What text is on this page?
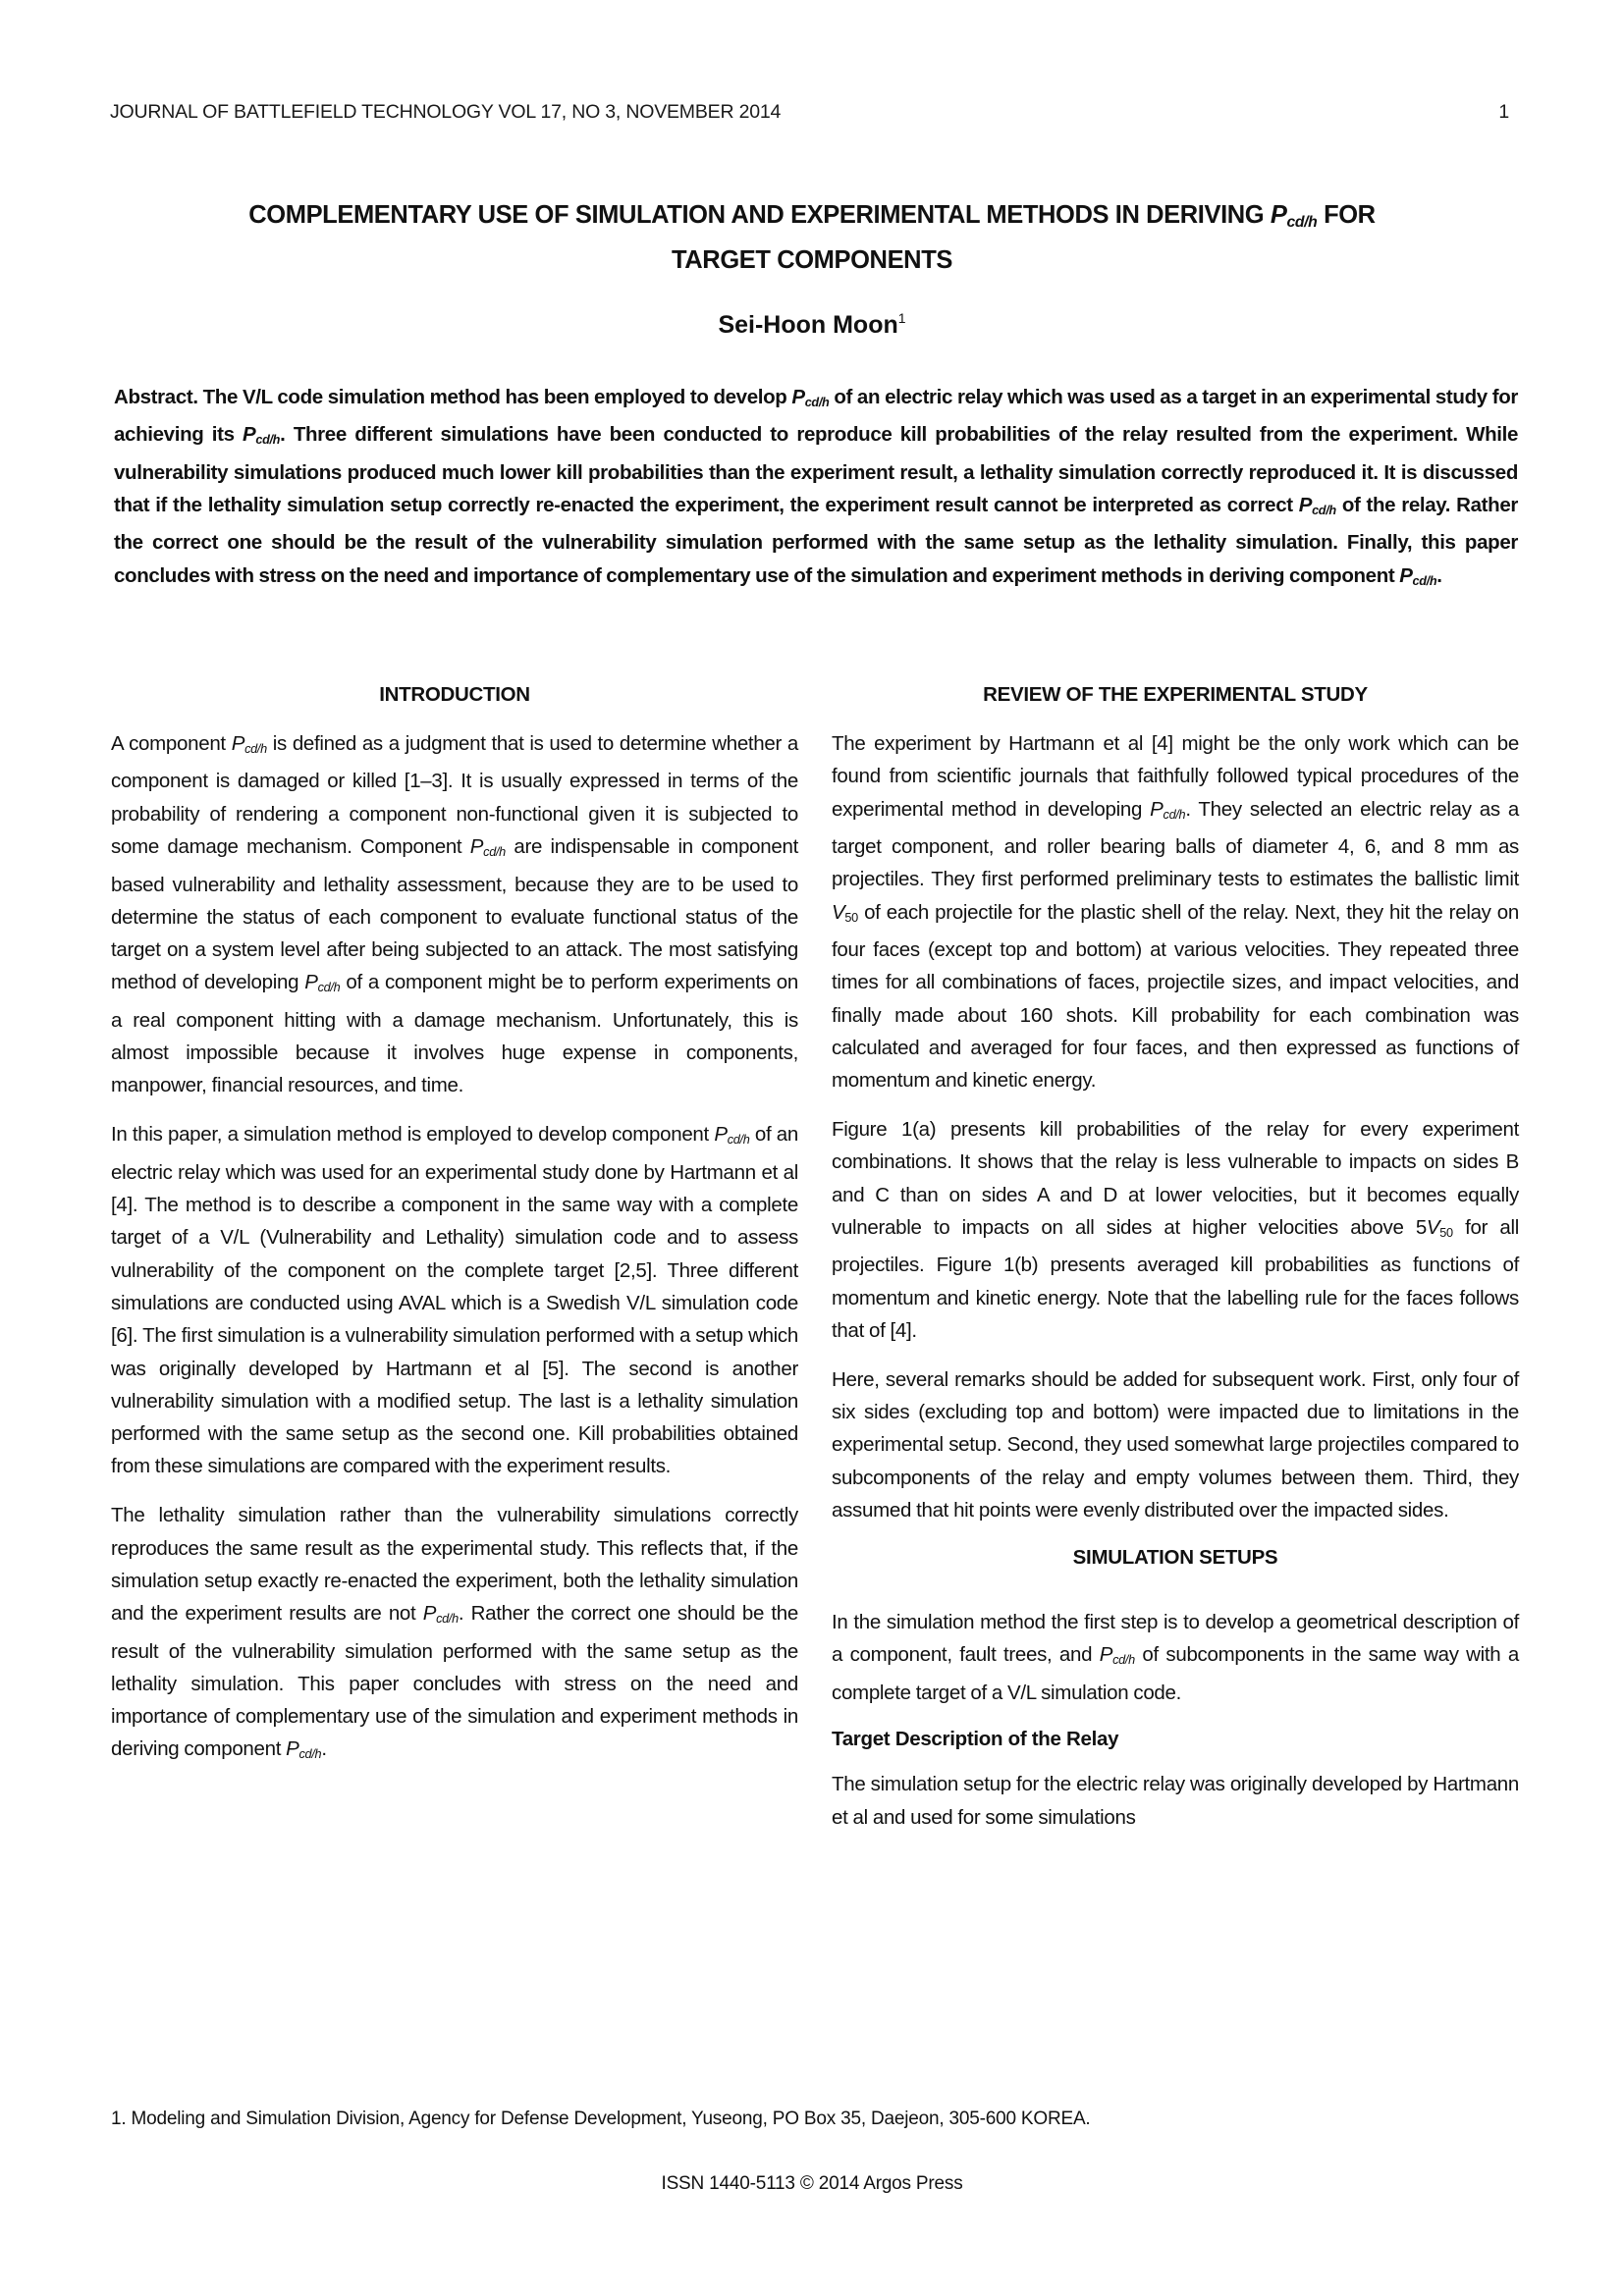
JOURNAL OF BATTLEFIELD TECHNOLOGY VOL 17, NO 3, NOVEMBER 2014	1
COMPLEMENTARY USE OF SIMULATION AND EXPERIMENTAL METHODS IN DERIVING $P_{cd/h}$ FOR
TARGET COMPONENTS
Sei-Hoon Moon$^1$
Abstract. The V/L code simulation method has been employed to develop $P_{cd/h}$ of an electric relay which was used as a target in an experimental study for achieving its $P_{cd/h}$. Three different simulations have been conducted to reproduce kill probabilities of the relay resulted from the experiment. While vulnerability simulations produced much lower kill probabilities than the experiment result, a lethality simulation correctly reproduced it. It is discussed that if the lethality simulation setup correctly re-enacted the experiment, the experiment result cannot be interpreted as correct $P_{cd/h}$ of the relay. Rather the correct one should be the result of the vulnerability simulation performed with the same setup as the lethality simulation. Finally, this paper concludes with stress on the need and importance of complementary use of the simulation and experiment methods in deriving component $P_{cd/h}$.
INTRODUCTION
A component $P_{cd/h}$ is defined as a judgment that is used to determine whether a component is damaged or killed [1–3]. It is usually expressed in terms of the probability of rendering a component non-functional given it is subjected to some damage mechanism. Component $P_{cd/h}$ are indispensable in component based vulnerability and lethality assessment, because they are to be used to determine the status of each component to evaluate functional status of the target on a system level after being subjected to an attack. The most satisfying method of developing $P_{cd/h}$ of a component might be to perform experiments on a real component hitting with a damage mechanism. Unfortunately, this is almost impossible because it involves huge expense in components, manpower, financial resources, and time.
In this paper, a simulation method is employed to develop component $P_{cd/h}$ of an electric relay which was used for an experimental study done by Hartmann et al [4]. The method is to describe a component in the same way with a complete target of a V/L (Vulnerability and Lethality) simulation code and to assess vulnerability of the component on the complete target [2,5]. Three different simulations are conducted using AVAL which is a Swedish V/L simulation code [6]. The first simulation is a vulnerability simulation performed with a setup which was originally developed by Hartmann et al [5]. The second is another vulnerability simulation with a modified setup. The last is a lethality simulation performed with the same setup as the second one. Kill probabilities obtained from these simulations are compared with the experiment results.
The lethality simulation rather than the vulnerability simulations correctly reproduces the same result as the experimental study. This reflects that, if the simulation setup exactly re-enacted the experiment, both the lethality simulation and the experiment results are not $P_{cd/h}$. Rather the correct one should be the result of the vulnerability simulation performed with the same setup as the lethality simulation. This paper concludes with stress on the need and importance of complementary use of the simulation and experiment methods in deriving component $P_{cd/h}$.
REVIEW OF THE EXPERIMENTAL STUDY
The experiment by Hartmann et al [4] might be the only work which can be found from scientific journals that faithfully followed typical procedures of the experimental method in developing $P_{cd/h}$. They selected an electric relay as a target component, and roller bearing balls of diameter 4, 6, and 8 mm as projectiles. They first performed preliminary tests to estimates the ballistic limit $V_{50}$ of each projectile for the plastic shell of the relay. Next, they hit the relay on four faces (except top and bottom) at various velocities. They repeated three times for all combinations of faces, projectile sizes, and impact velocities, and finally made about 160 shots. Kill probability for each combination was calculated and averaged for four faces, and then expressed as functions of momentum and kinetic energy.
Figure 1(a) presents kill probabilities of the relay for every experiment combinations. It shows that the relay is less vulnerable to impacts on sides B and C than on sides A and D at lower velocities, but it becomes equally vulnerable to impacts on all sides at higher velocities above $5V_{50}$ for all projectiles. Figure 1(b) presents averaged kill probabilities as functions of momentum and kinetic energy. Note that the labelling rule for the faces follows that of [4].
Here, several remarks should be added for subsequent work. First, only four of six sides (excluding top and bottom) were impacted due to limitations in the experimental setup. Second, they used somewhat large projectiles compared to subcomponents of the relay and empty volumes between them. Third, they assumed that hit points were evenly distributed over the impacted sides.
SIMULATION SETUPS
In the simulation method the first step is to develop a geometrical description of a component, fault trees, and $P_{cd/h}$ of subcomponents in the same way with a complete target of a V/L simulation code.
Target Description of the Relay
The simulation setup for the electric relay was originally developed by Hartmann et al and used for some simulations
1. Modeling and Simulation Division, Agency for Defense Development, Yuseong, PO Box 35, Daejeon, 305-600 KOREA.
ISSN 1440-5113 © 2014 Argos Press
